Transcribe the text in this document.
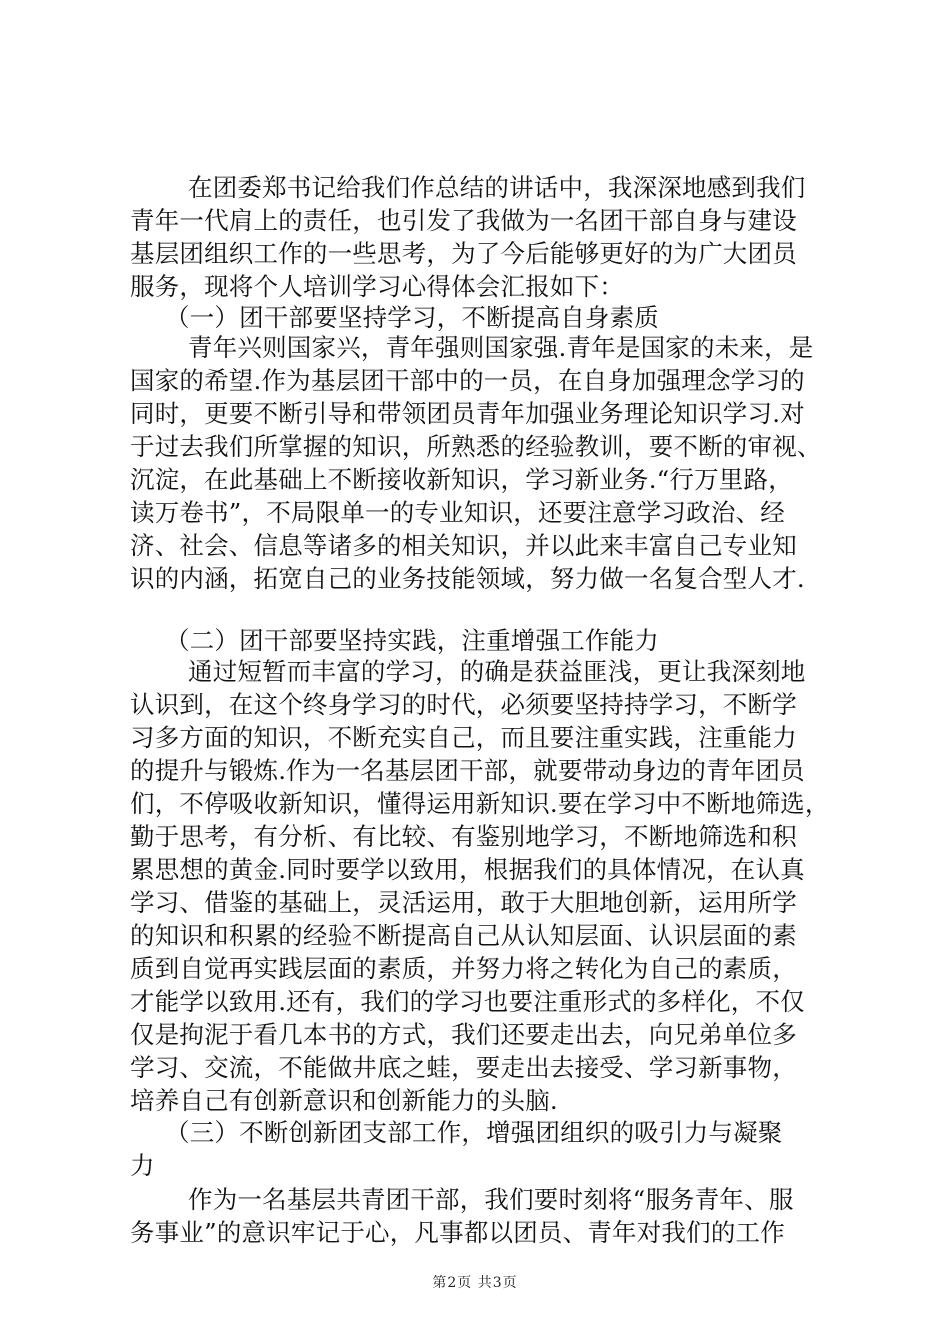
在团委郑书记给我们作总结的讲话中，我深深地感到我们
青年一代肩上的责任，也引发了我做为一名团干部自身与建设
基层团组织工作的一些思考，为了今后能够更好的为广大团员
服务，现将个人培训学习心得体会汇报如下：
（一）团干部要坚持学习，不断提高自身素质
青年兴则国家兴，青年强则国家强.青年是国家的未来，是
国家的希望.作为基层团干部中的一员，在自身加强理念学习的
同时，更要不断引导和带领团员青年加强业务理论知识学习.对
于过去我们所掌握的知识，所熟悉的经验教训，要不断的审视、
沉淀，在此基础上不断接收新知识，学习新业务.“行万里路，
读万卷书”，不局限单一的专业知识，还要注意学习政治、经
济、社会、信息等诸多的相关知识，并以此来丰富自己专业知
识的内涵，拓宽自己的业务技能领域，努力做一名复合型人才.
（二）团干部要坚持实践，注重增强工作能力
通过短暂而丰富的学习，的确是获益匪浅，更让我深刻地
认识到，在这个终身学习的时代，必须要坚持持学习，不断学
习多方面的知识，不断充实自己，而且要注重实践，注重能力
的提升与锻炼.作为一名基层团干部，就要带动身边的青年团员
们，不停吸收新知识，懂得运用新知识.要在学习中不断地筛选，
勤于思考，有分析、有比较、有鉴别地学习，不断地筛选和积
累思想的黄金.同时要学以致用，根据我们的具体情况，在认真
学习、借鉴的基础上，灵活运用，敢于大胆地创新，运用所学
的知识和积累的经验不断提高自己从认知层面、认识层面的素
质到自觉再实践层面的素质，并努力将之转化为自己的素质，
才能学以致用.还有，我们的学习也要注重形式的多样化，不仅
仅是拘泥于看几本书的方式，我们还要走出去，向兄弟单位多
学习、交流，不能做井底之蛙，要走出去接受、学习新事物，
培养自己有创新意识和创新能力的头脑.
（三）不断创新团支部工作，增强团组织的吸引力与凝聚
力
作为一名基层共青团干部，我们要时刻将“服务青年、服
务事业”的意识牢记于心，凡事都以团员、青年对我们的工作
第2页 共3页
